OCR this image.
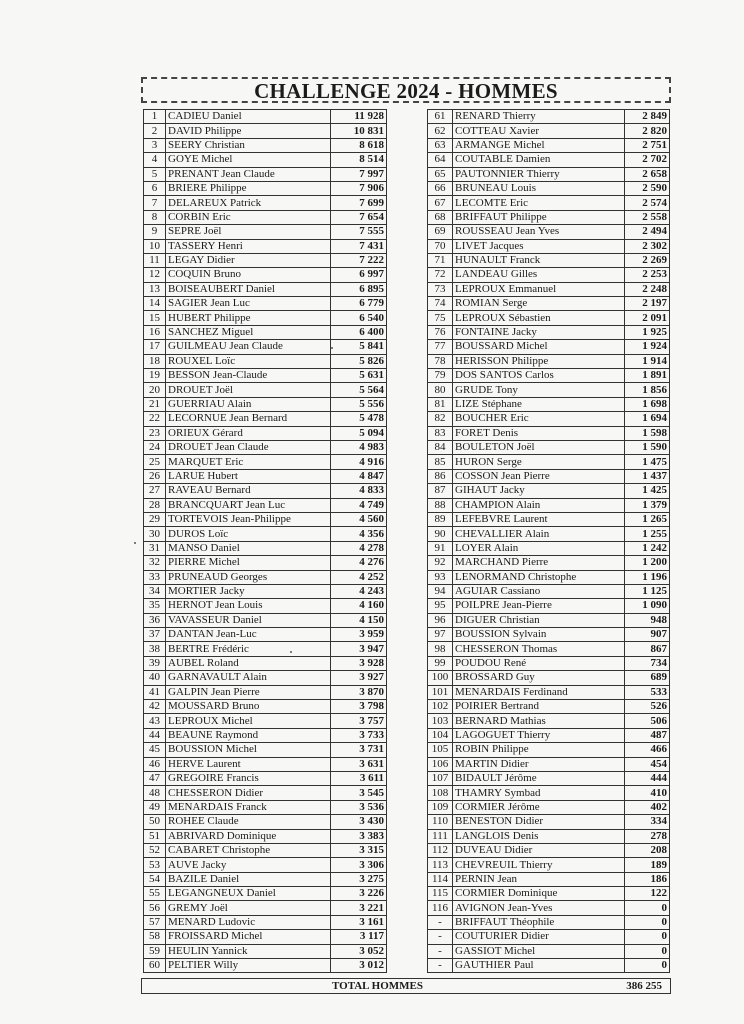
CHALLENGE 2024 - HOMMES
1	CADIEU Daniel	11 928
2	DAVID Philippe	10 831
3	SEERY Christian	8 618
4	GOYE Michel	8 514
5	PRENANT Jean Claude	7 997
6	BRIERE Philippe	7 906
7	DELAREUX Patrick	7 699
8	CORBIN Eric	7 654
9	SEPRE Joël	7 555
10	TASSERY Henri	7 431
11	LEGAY Didier	7 222
12	COQUIN Bruno	6 997
13	BOISEAUBERT Daniel	6 895
14	SAGIER Jean Luc	6 779
15	HUBERT Philippe	6 540
16	SANCHEZ Miguel	6 400
17	GUILMEAU Jean Claude	5 841
18	ROUXEL Loïc	5 826
19	BESSON Jean-Claude	5 631
20	DROUET Joël	5 564
21	GUERRIAU Alain	5 556
22	LECORNUE Jean Bernard	5 478
23	ORIEUX Gérard	5 094
24	DROUET Jean Claude	4 983
25	MARQUET Eric	4 916
26	LARUE Hubert	4 847
27	RAVEAU Bernard	4 833
28	BRANCQUART Jean Luc	4 749
29	TORTEVOIS Jean-Philippe	4 560
30	DUROS Loïc	4 356
31	MANSO Daniel	4 278
32	PIERRE Michel	4 276
33	PRUNEAUD Georges	4 252
34	MORTIER Jacky	4 243
35	HERNOT Jean Louis	4 160
36	VAVASSEUR Daniel	4 150
37	DANTAN Jean-Luc	3 959
38	BERTRE Frédéric	3 947
39	AUBEL Roland	3 928
40	GARNAVAULT Alain	3 927
41	GALPIN Jean Pierre	3 870
42	MOUSSARD Bruno	3 798
43	LEPROUX Michel	3 757
44	BEAUNE Raymond	3 733
45	BOUSSION Michel	3 731
46	HERVE Laurent	3 631
47	GREGOIRE Francis	3 611
48	CHESSERON Didier	3 545
49	MENARDAIS Franck	3 536
50	ROHEE Claude	3 430
51	ABRIVARD Dominique	3 383
52	CABARET Christophe	3 315
53	AUVE Jacky	3 306
54	BAZILE Daniel	3 275
55	LEGANGNEUX Daniel	3 226
56	GREMY Joël	3 221
57	MENARD Ludovic	3 161
58	FROISSARD Michel	3 117
59	HEULIN Yannick	3 052
60	PELTIER Willy	3 012
61	RENARD Thierry	2 849
62	COTTEAU Xavier	2 820
63	ARMANGE Michel	2 751
64	COUTABLE Damien	2 702
65	PAUTONNIER Thierry	2 658
66	BRUNEAU Louis	2 590
67	LECOMTE Eric	2 574
68	BRIFFAUT Philippe	2 558
69	ROUSSEAU Jean Yves	2 494
70	LIVET Jacques	2 302
71	HUNAULT Franck	2 269
72	LANDEAU Gilles	2 253
73	LEPROUX Emmanuel	2 248
74	ROMIAN Serge	2 197
75	LEPROUX Sébastien	2 091
76	FONTAINE Jacky	1 925
77	BOUSSARD Michel	1 924
78	HERISSON Philippe	1 914
79	DOS SANTOS Carlos	1 891
80	GRUDE Tony	1 856
81	LIZE Stéphane	1 698
82	BOUCHER Eric	1 694
83	FORET Denis	1 598
84	BOULETON Joël	1 590
85	HURON Serge	1 475
86	COSSON Jean Pierre	1 437
87	GIHAUT Jacky	1 425
88	CHAMPION Alain	1 379
89	LEFEBVRE Laurent	1 265
90	CHEVALLIER Alain	1 255
91	LOYER Alain	1 242
92	MARCHAND Pierre	1 200
93	LENORMAND Christophe	1 196
94	AGUIAR Cassiano	1 125
95	POILPRE Jean-Pierre	1 090
96	DIGUER Christian	948
97	BOUSSION Sylvain	907
98	CHESSERON Thomas	867
99	POUDOU René	734
100	BROSSARD Guy	689
101	MENARDAIS Ferdinand	533
102	POIRIER Bertrand	526
103	BERNARD Mathias	506
104	LAGOGUET Thierry	487
105	ROBIN Philippe	466
106	MARTIN Didier	454
107	BIDAULT Jérôme	444
108	THAMRY Symbad	410
109	CORMIER Jérôme	402
110	BENESTON Didier	334
111	LANGLOIS Denis	278
112	DUVEAU Didier	208
113	CHEVREUIL Thierry	189
114	PERNIN Jean	186
115	CORMIER Dominique	122
116	AVIGNON Jean-Yves	0
-	BRIFFAUT Théophile	0
-	COUTURIER Didier	0
-	GASSIOT Michel	0
-	GAUTHIER Paul	0
TOTAL HOMMES	386 255
